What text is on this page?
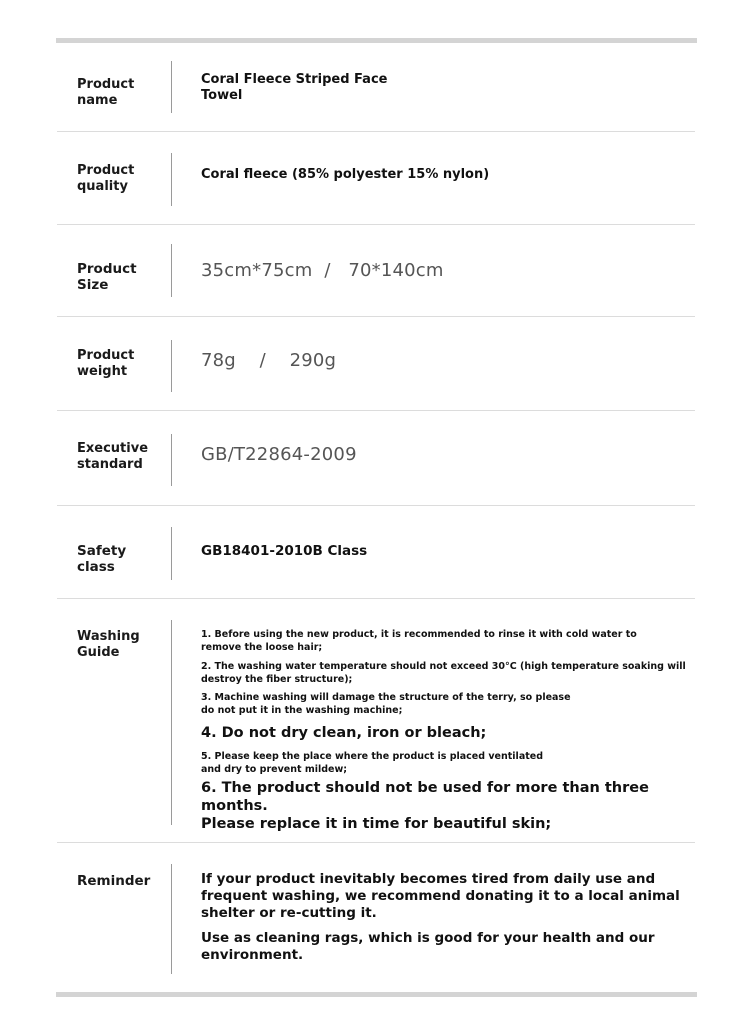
Product name
Coral Fleece Striped Face
Towel
Product
quality
Coral fleece (85% polyester 15% nylon)
Product Size
35cm*75cm  /   70*140cm
Product
weight
78g    /    290g
Executive
standard	GB/T22864-2009
Safety class
GB18401-2010B Class
Washing
Guide

1. Before using the new product, it is recommended to rinse it with cold water to
remove the loose hair;

2. The washing water temperature should not exceed 30°C (high temperature soaking will
destroy the fiber structure);

3. Machine washing will damage the structure of the terry, so please
do not put it in the washing machine;

4. Do not dry clean, iron or bleach;

5. Please keep the place where the product is placed ventilated
and dry to prevent mildew;

6. The product should not be used for more than three months.
Please replace it in time for beautiful skin;

Reminder	If your product inevitably becomes tired from daily use and
frequent washing, we recommend donating it to a local animal
shelter or re-cutting it.

Use as cleaning rags, which is good for your health and our
environment.
